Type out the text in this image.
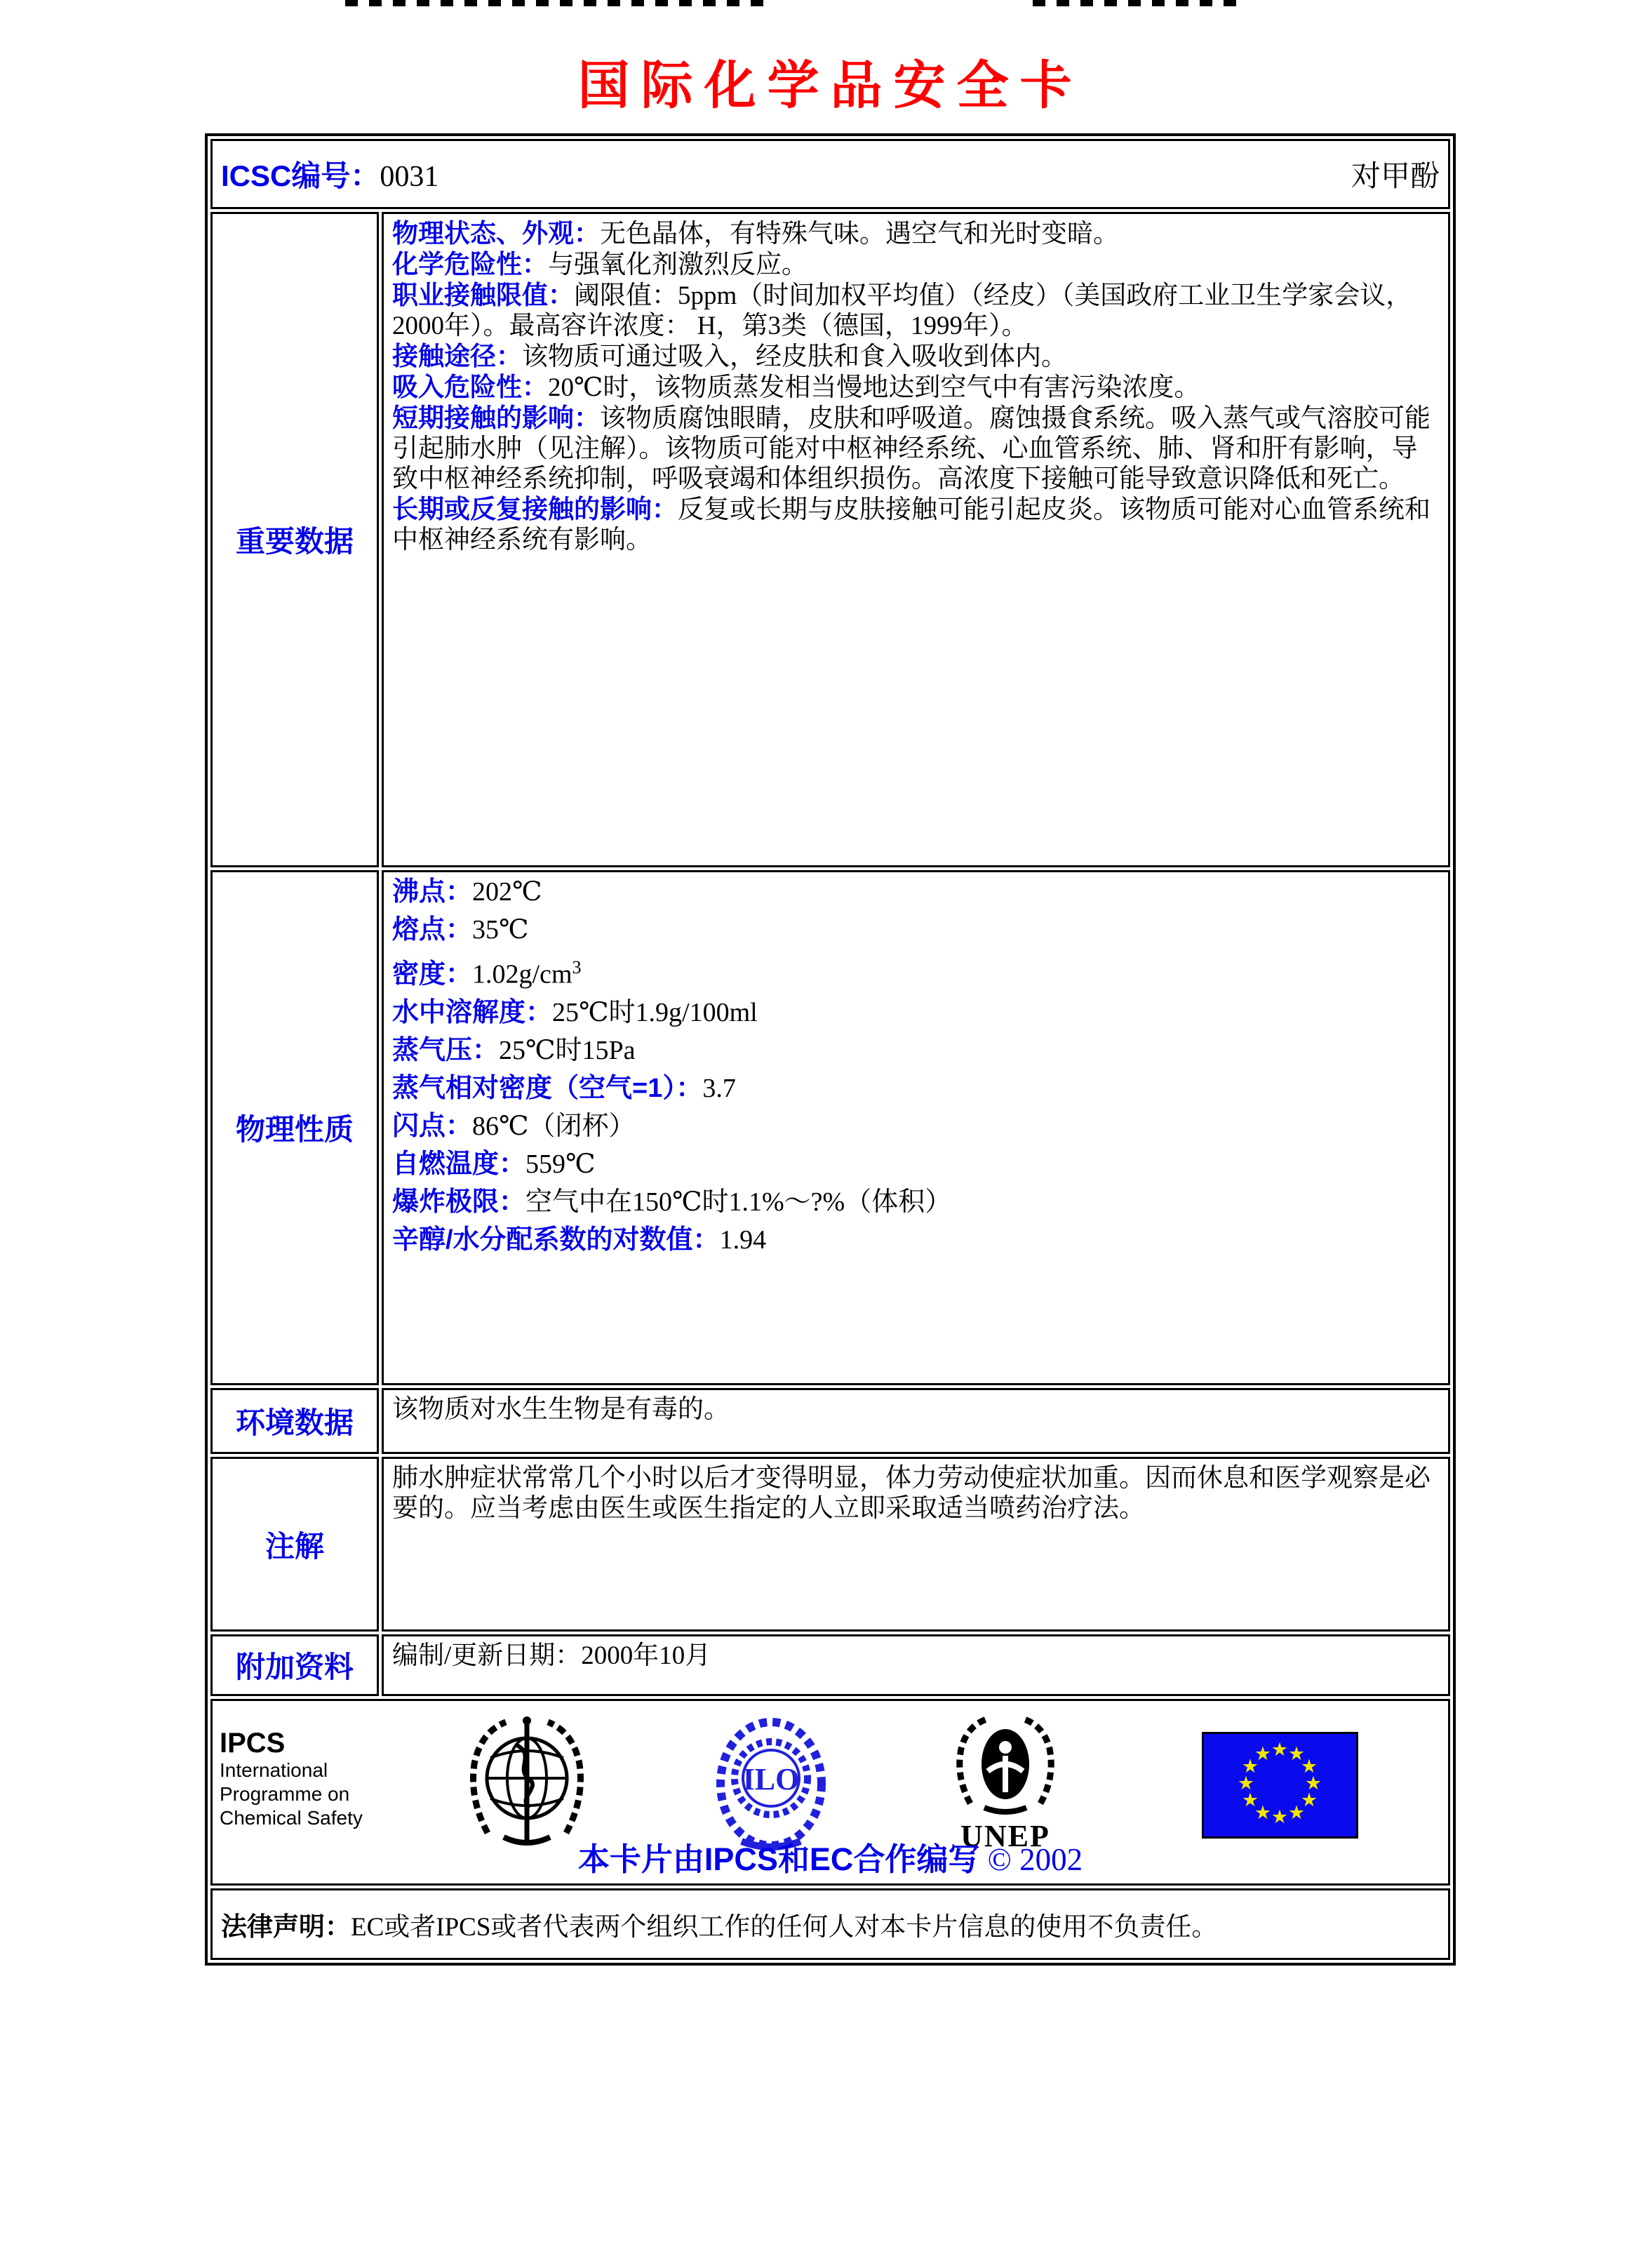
国际化学品安全卡
ICSC编号：0031 对甲酚	

重要数据	
物理状态、外观：无色晶体，有特殊气味。遇空气和光时变暗。
化学危险性：与强氧化剂激烈反应。
职业接触限值：阈限值：5ppm（时间加权平均值）（经皮）（美国政府工业卫生学家会议，2000年）。最高容许浓度： H，第3类（德国，1999年）。
接触途径：该物质可通过吸入，经皮肤和食入吸收到体内。
吸入危险性：20℃时，该物质蒸发相当慢地达到空气中有害污染浓度。
短期接触的影响：该物质腐蚀眼睛，皮肤和呼吸道。腐蚀摄食系统。吸入蒸气或气溶胶可能引起肺水肿（见注解）。该物质可能对中枢神经系统、心血管系统、肺、肾和肝有影响，导致中枢神经系统抑制，呼吸衰竭和体组织损伤。高浓度下接触可能导致意识降低和死亡。
长期或反复接触的影响：反复或长期与皮肤接触可能引起皮炎。该物质可能对心血管系统和中枢神经系统有影响。

物理性质	
沸点：202℃
熔点：35℃
密度：$1.02g/cm^3$
水中溶解度：25℃时1.9g/100ml
蒸气压：25℃时15Pa
蒸气相对密度（空气=1）：3.7
闪点：86℃（闭杯）
自燃温度：559℃
爆炸极限：空气中在150℃时1.1%～?%（体积）
辛醇/水分配系数的对数值：1.94

环境数据	该物质对水生生物是有毒的。
注解	肺水肿症状常常几个小时以后才变得明显，体力劳动使症状加重。因而休息和医学观察是必要的。应当考虑由医生或医生指定的人立即采取适当喷药治疗法。
附加资料	编制/更新日期：2000年10月

IPCS
International
Programme on
Chemical Safety
ILO
UNEP
本卡片由IPCS和EC合作编写 © 2002

法律声明：EC或者IPCS或者代表两个组织工作的任何人对本卡片信息的使用不负责任。	
